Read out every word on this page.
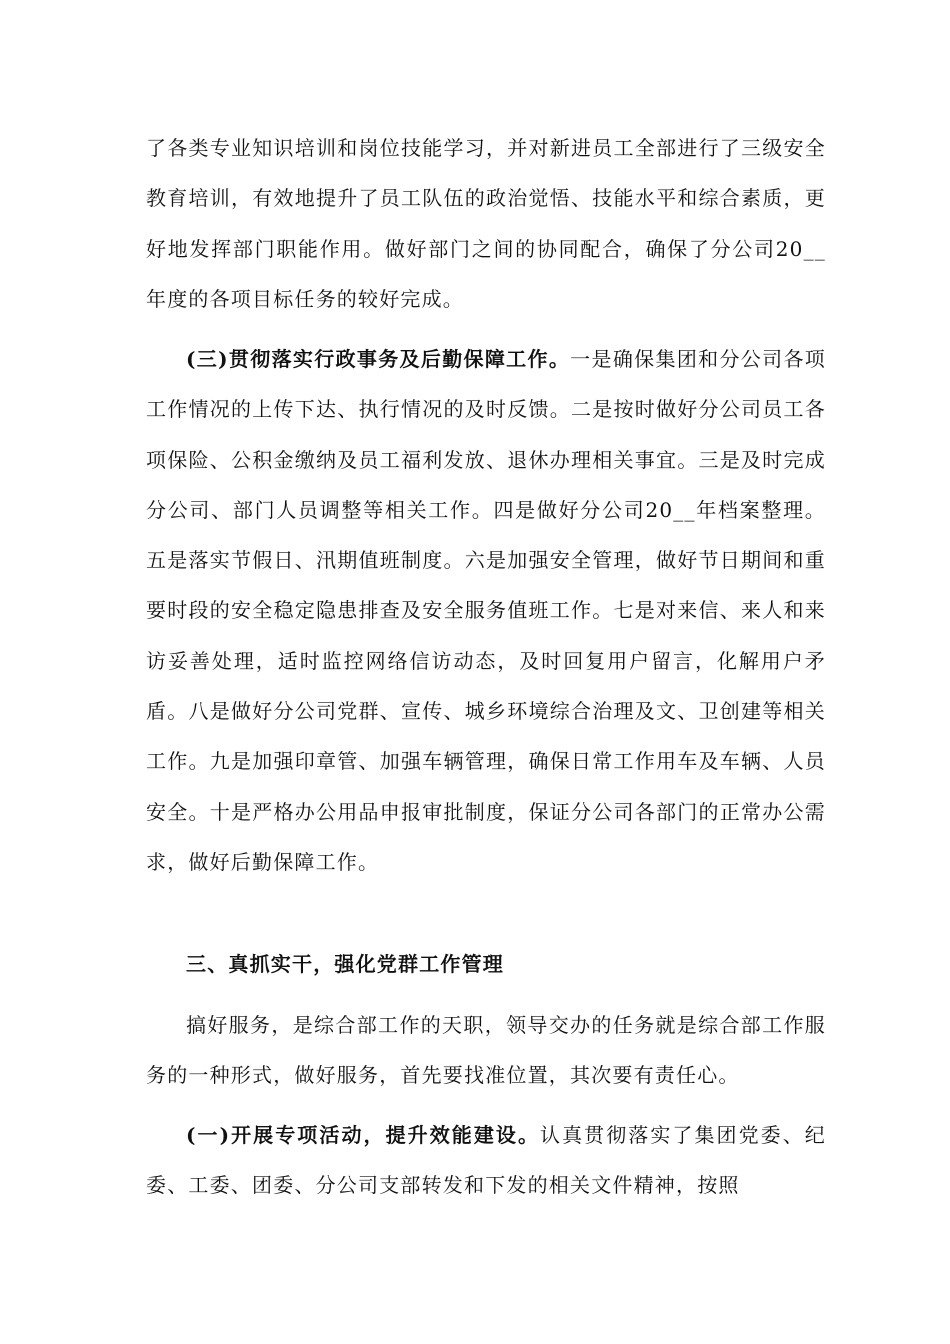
了各类专业知识培训和岗位技能学习，并对新进员工全部进行了三级安全教育培训，有效地提升了员工队伍的政治觉悟、技能水平和综合素质，更好地发挥部门职能作用。做好部门之间的协同配合，确保了分公司20__年度的各项目标任务的较好完成。

(三)贯彻落实行政事务及后勤保障工作。一是确保集团和分公司各项工作情况的上传下达、执行情况的及时反馈。二是按时做好分公司员工各项保险、公积金缴纳及员工福利发放、退休办理相关事宜。三是及时完成分公司、部门人员调整等相关工作。四是做好分公司20__年档案整理。五是落实节假日、汛期值班制度。六是加强安全管理，做好节日期间和重要时段的安全稳定隐患排查及安全服务值班工作。七是对来信、来人和来访妥善处理，适时监控网络信访动态，及时回复用户留言，化解用户矛盾。八是做好分公司党群、宣传、城乡环境综合治理及文、卫创建等相关工作。九是加强印章管、加强车辆管理，确保日常工作用车及车辆、人员安全。十是严格办公用品申报审批制度，保证分公司各部门的正常办公需求，做好后勤保障工作。

三、真抓实干，强化党群工作管理

搞好服务，是综合部工作的天职，领导交办的任务就是综合部工作服务的一种形式，做好服务，首先要找准位置，其次要有责任心。

(一)开展专项活动，提升效能建设。认真贯彻落实了集团党委、纪委、工委、团委、分公司支部转发和下发的相关文件精神，按照
